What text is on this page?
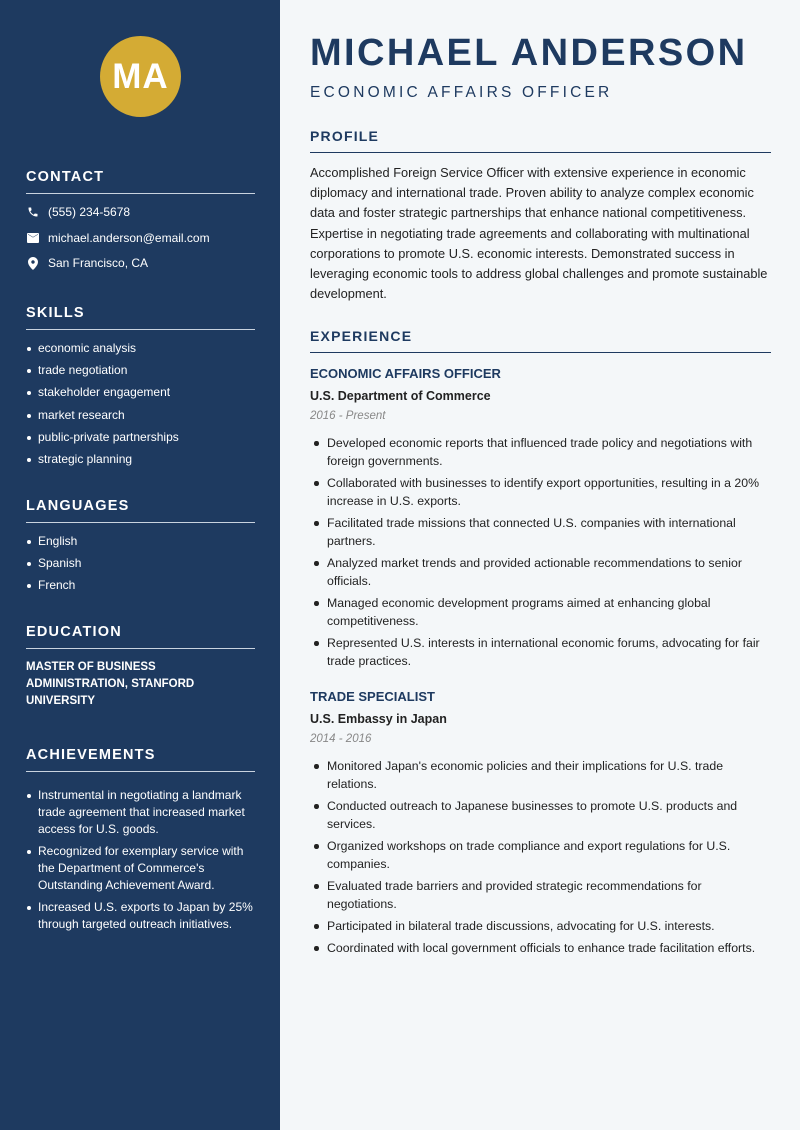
MA
CONTACT
(555) 234-5678
michael.anderson@email.com
San Francisco, CA
SKILLS
economic analysis
trade negotiation
stakeholder engagement
market research
public-private partnerships
strategic planning
LANGUAGES
English
Spanish
French
EDUCATION
MASTER OF BUSINESS ADMINISTRATION, STANFORD UNIVERSITY
ACHIEVEMENTS
Instrumental in negotiating a landmark trade agreement that increased market access for U.S. goods.
Recognized for exemplary service with the Department of Commerce's Outstanding Achievement Award.
Increased U.S. exports to Japan by 25% through targeted outreach initiatives.
MICHAEL ANDERSON
ECONOMIC AFFAIRS OFFICER
PROFILE

Accomplished Foreign Service Officer with extensive experience in economic diplomacy and international trade. Proven ability to analyze complex economic data and foster strategic partnerships that enhance national competitiveness. Expertise in negotiating trade agreements and collaborating with multinational corporations to promote U.S. economic interests. Demonstrated success in leveraging economic tools to address global challenges and promote sustainable development.

EXPERIENCE
ECONOMIC AFFAIRS OFFICER
U.S. Department of Commerce
2016 - Present
Developed economic reports that influenced trade policy and negotiations with foreign governments.
Collaborated with businesses to identify export opportunities, resulting in a 20% increase in U.S. exports.
Facilitated trade missions that connected U.S. companies with international partners.
Analyzed market trends and provided actionable recommendations to senior officials.
Managed economic development programs aimed at enhancing global competitiveness.
Represented U.S. interests in international economic forums, advocating for fair trade practices.
TRADE SPECIALIST
U.S. Embassy in Japan
2014 - 2016
Monitored Japan's economic policies and their implications for U.S. trade relations.
Conducted outreach to Japanese businesses to promote U.S. products and services.
Organized workshops on trade compliance and export regulations for U.S. companies.
Evaluated trade barriers and provided strategic recommendations for negotiations.
Participated in bilateral trade discussions, advocating for U.S. interests.
Coordinated with local government officials to enhance trade facilitation efforts.
